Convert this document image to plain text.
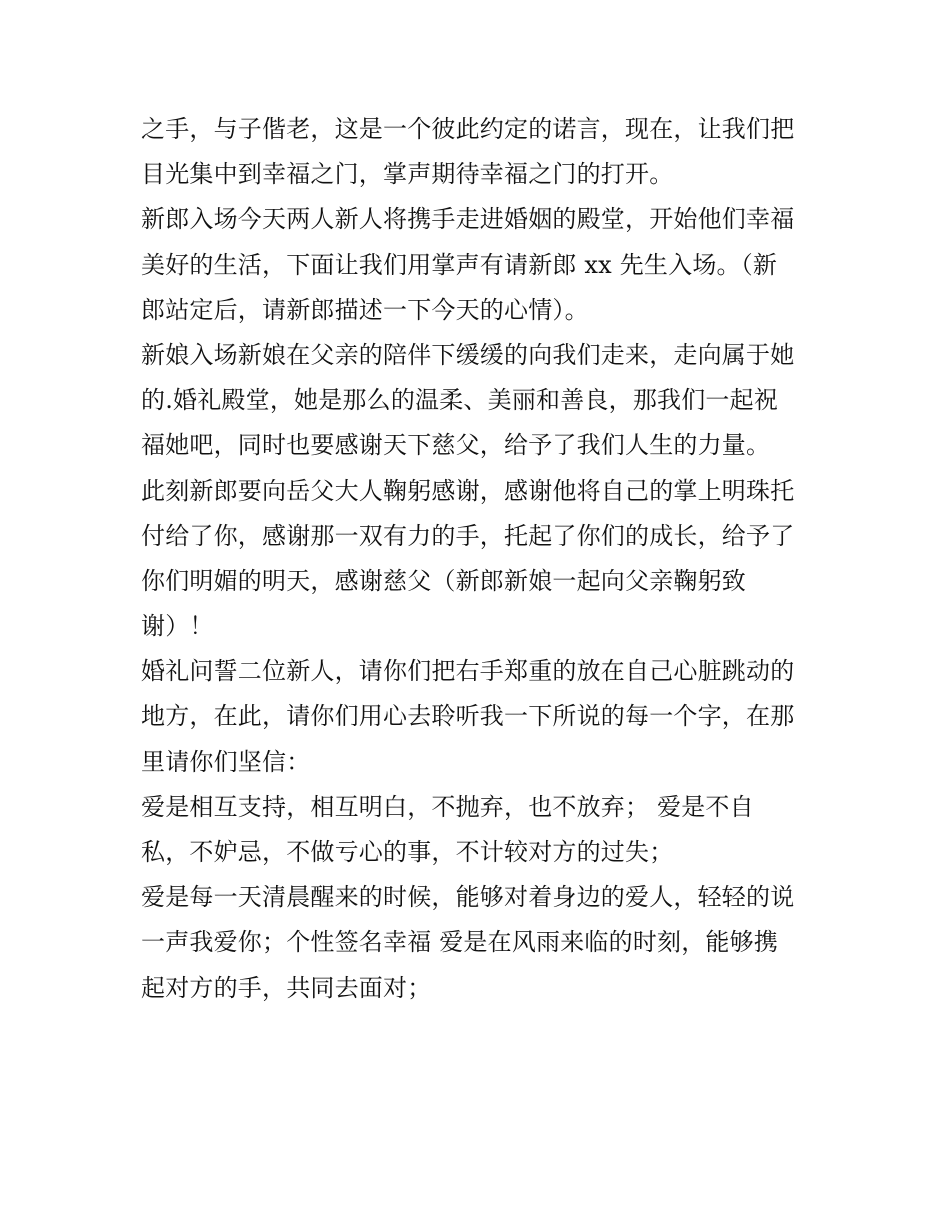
之手，与子偕老，这是一个彼此约定的诺言，现在，让我们把
目光集中到幸福之门，掌声期待幸福之门的打开。
新郎入场今天两人新人将携手走进婚姻的殿堂，开始他们幸福
美好的生活，下面让我们用掌声有请新郎 xx 先生入场。（新
郎站定后，请新郎描述一下今天的心情）。
新娘入场新娘在父亲的陪伴下缓缓的向我们走来，走向属于她
的.婚礼殿堂，她是那么的温柔、美丽和善良，那我们一起祝
福她吧，同时也要感谢天下慈父，给予了我们人生的力量。
此刻新郎要向岳父大人鞠躬感谢，感谢他将自己的掌上明珠托
付给了你，感谢那一双有力的手，托起了你们的成长，给予了
你们明媚的明天，感谢慈父（新郎新娘一起向父亲鞠躬致
谢）！
婚礼问誓二位新人，请你们把右手郑重的放在自己心脏跳动的
地方，在此，请你们用心去聆听我一下所说的每一个字，在那
里请你们坚信：
爱是相互支持，相互明白，不抛弃，也不放弃； 爱是不自
私，不妒忌，不做亏心的事，不计较对方的过失；
爱是每一天清晨醒来的时候，能够对着身边的爱人，轻轻的说
一声我爱你；个性签名幸福 爱是在风雨来临的时刻，能够携
起对方的手，共同去面对；
